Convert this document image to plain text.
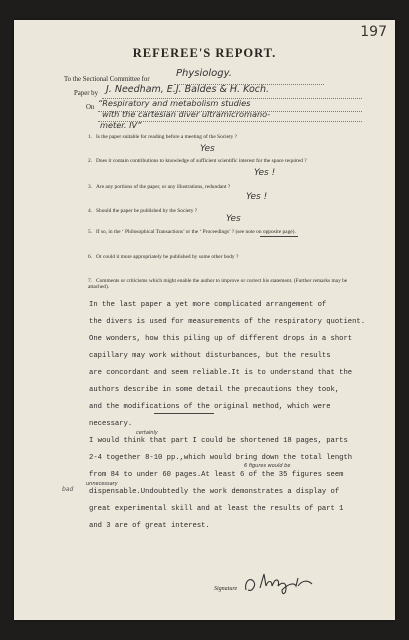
197
REFEREE'S REPORT.
To the Sectional Committee for
Physiology.
Paper by J. Needham, E.J. Baldes & H. Koch.
On “Respiratory and metabolism studies
with the cartesian diver ultramicromano-
meter. IV”
1. Is the paper suitable for reading before a meeting of the Society ?
Yes
2. Does it contain contributions to knowledge of sufficient scientific interest for the space required ?
Yes !
3. Are any portions of the paper, or any illustrations, redundant ?
Yes !
4. Should the paper be published by the Society ?
Yes
5. If so, in the ‘ Philosophical Transactions’ or the ‘ Proceedings’ ? (see note on opposite page).
6. Or could it more appropriately be published by some other body ?
7. Comments or criticisms which might enable the author to improve or correct his statement. (Further remarks may be attached).
In the last paper a yet more complicated arrangement of
the divers is used for measurements of the respiratory quotient.
One wonders, how this piling up of different drops in a short
capillary may work without disturbances, but the results
are concordant and seem reliable.It is to understand that the
authors describe in some detail the precautions they took,
and the modifications of the original method, which were
necessary.
I would think that part I could be shortened 18 pages, parts
2-4 together 8-10 pp.,which would bring down the total length
from 84 to under 60 pages.At least 6 of the 35 figures seem
dispensable.Undoubtedly the work demonstrates a display of
great experimental skill and at least the results of part 1
and 3 are of great interest.
6 figures would be
certainly
unnecessary
bad
Signature
